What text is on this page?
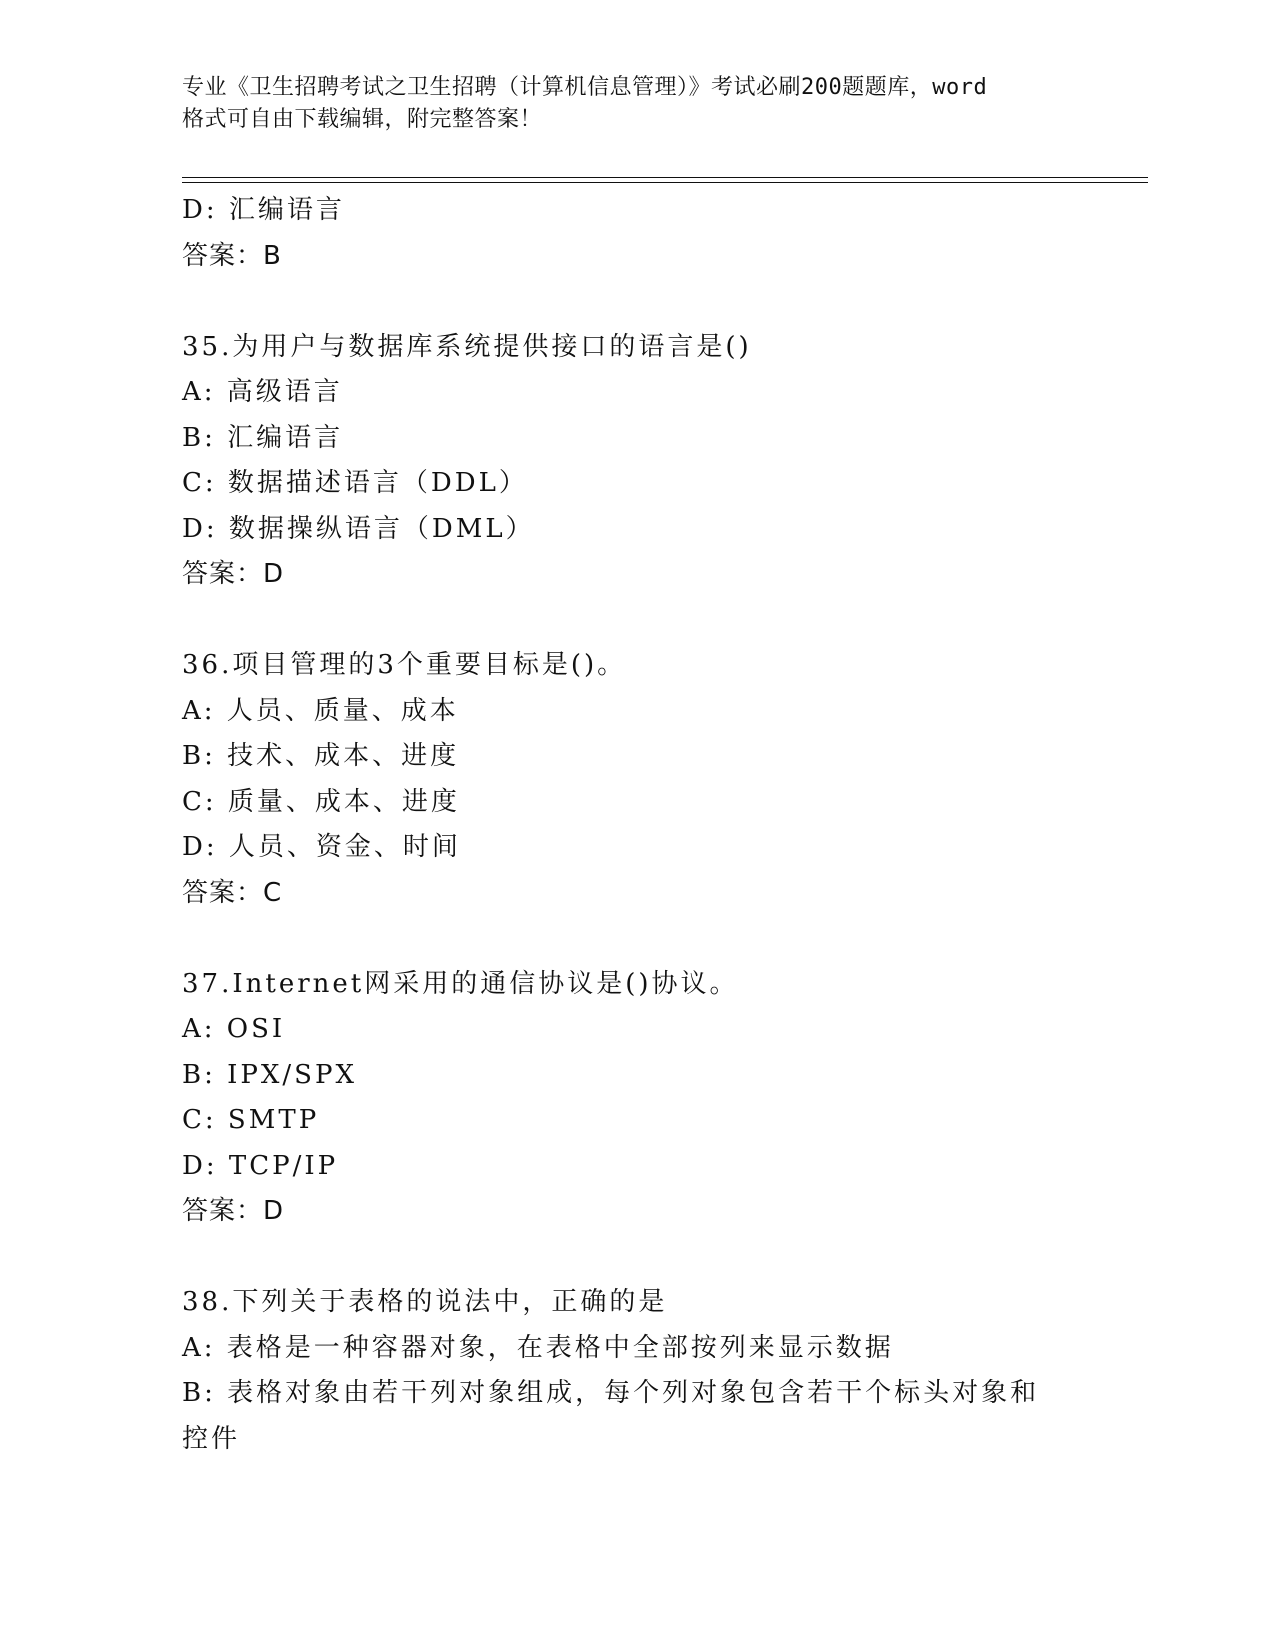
专业《卫生招聘考试之卫生招聘（计算机信息管理）》考试必刷200题题库，word
格式可自由下载编辑，附完整答案！
D: 汇编语言
答案：B
35.为用户与数据库系统提供接口的语言是()
A: 高级语言
B: 汇编语言
C: 数据描述语言（DDL）
D: 数据操纵语言（DML）
答案：D
36.项目管理的3个重要目标是()。
A: 人员、质量、成本
B: 技术、成本、进度
C: 质量、成本、进度
D: 人员、资金、时间
答案：C
37.Internet网采用的通信协议是()协议。
A: OSI
B: IPX/SPX
C: SMTP
D: TCP/IP
答案：D
38.下列关于表格的说法中，正确的是
A: 表格是一种容器对象，在表格中全部按列来显示数据
B: 表格对象由若干列对象组成，每个列对象包含若干个标头对象和控件
